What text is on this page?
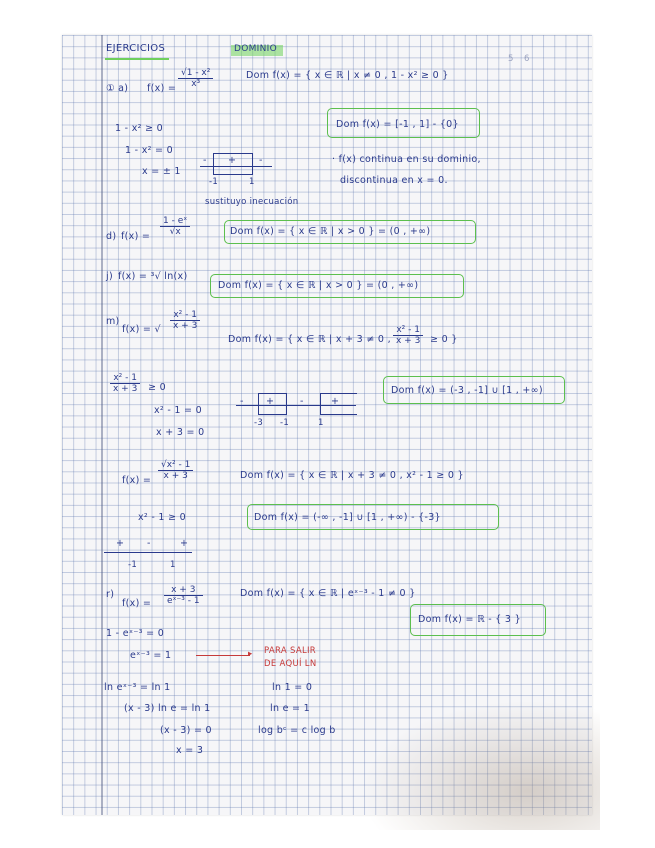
EJERCICIOS	DOMINIO
5 6
① a) $f(x) = \frac{\text{√1 - x²}}{\text{x³}}$	Dom f(x) = { x ∈ ℝ | x ≠ 0 , 1 - x² ≥ 0 }
1 - x² ≥ 0
1 - x² = 0
x = ± 1
- + -
-1	1
Dom f(x) = [-1 , 1] - {0}
· f(x) continua en su dominio,
discontinua en x = 0.
sustituyo inecuación
d) $f(x) = \frac{\text{1 - eˣ}}{√x}$	Dom f(x) = { x ∈ ℝ | x > 0 } = (0 , +∞)
j) f(x) = ³√ ln(x)
Dom f(x) = { x ∈ ℝ | x > 0 } = (0 , +∞)
m)
f(x) = √ $\frac{\text{x² - 1}}{x + 3}$
Dom f(x) = { x ∈ ℝ | x + 3 ≠ 0 , $\frac{\text{x² - 1}}{x + 3} \ge 0$ }
$\frac{\text{x² - 1}}{x + 3} \ge 0$
x² - 1 = 0
x + 3 = 0
- +	-	+
-3 -1	1
Dom f(x) = (-3 , -1] ∪ [1 , +∞)
$f(x) = \frac{\text{√x² - 1}}{x + 3}$	Dom f(x) = { x ∈ ℝ | x + 3 ≠ 0 , x² - 1 ≥ 0 }
x² - 1 ≥ 0	Dom f(x) = (-∞ , -1] ∪ [1 , +∞) - {-3}
+ -	+
-1	1
r)
$f(x) = \frac{x + 3}{\text{eˣ⁻³ - 1}}$	Dom f(x) = { x ∈ ℝ | eˣ⁻³ - 1 ≠ 0 }
Dom f(x) = ℝ - { 3 }
1 - eˣ⁻³ = 0
eˣ⁻³ = 1	▸ PARA SALIR
DE AQUÍ LN
ln eˣ⁻³ = ln 1	ln 1 = 0
(x - 3) ln e = ln 1	ln e = 1
(x - 3) = 0	log bᶜ = c log b
x = 3
